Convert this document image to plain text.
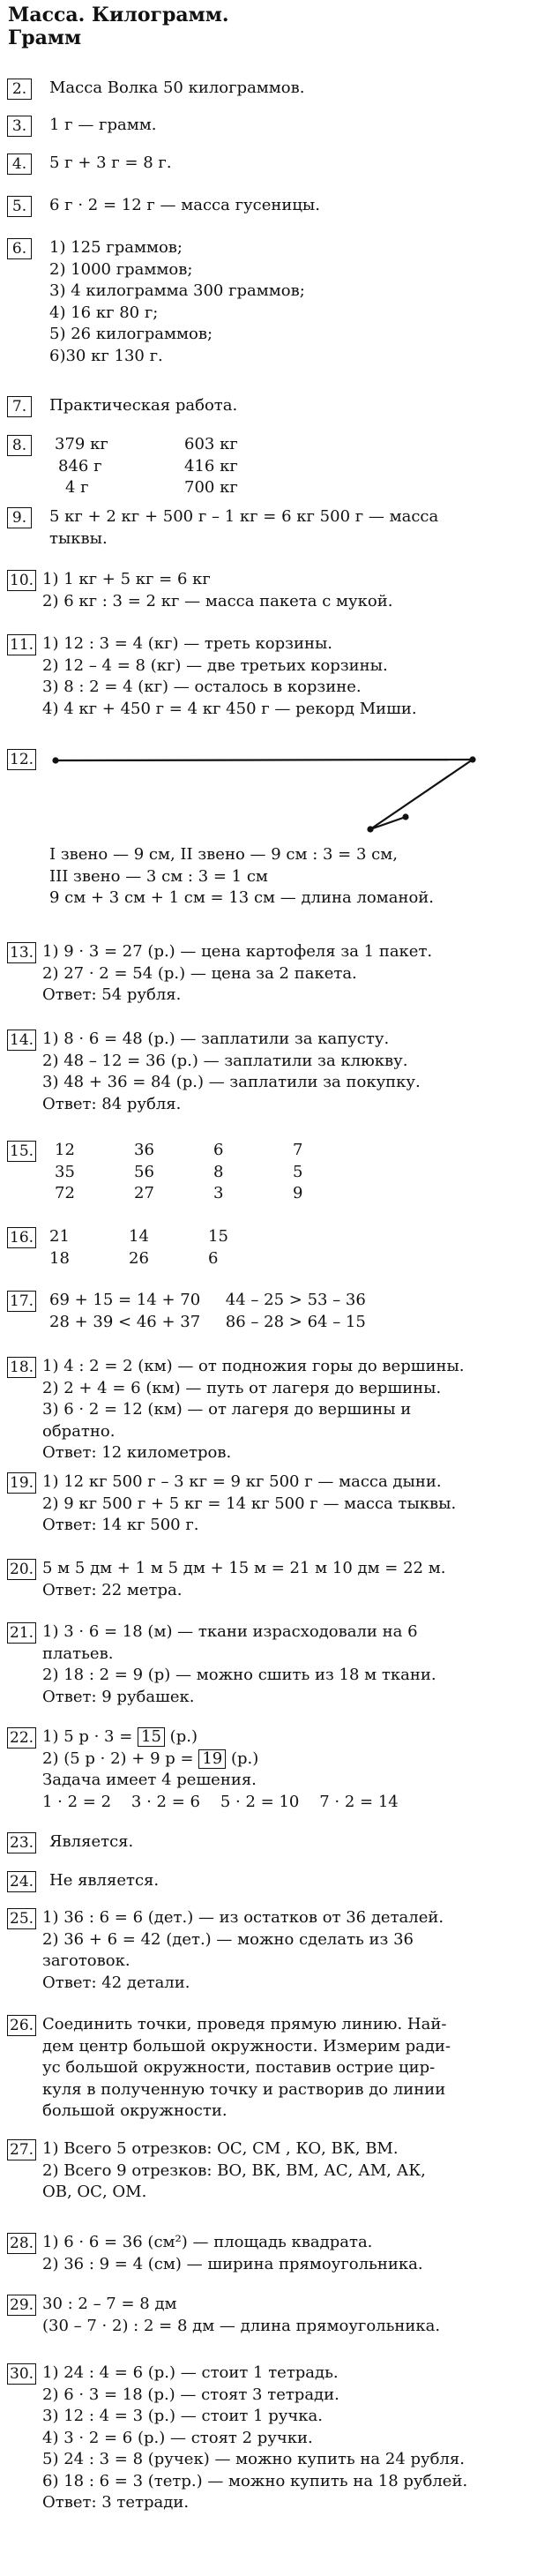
Масса. Килограмм.
Грамм
2.	Масса Волка 50 килограммов.
3.	1 г — грамм.
4.	5 г + 3 г = 8 г.
5.	6 г · 2 = 12 г — масса гусеницы.
6.	1) 125 граммов;
2) 1000 граммов;
3) 4 килограмма 300 граммов;
4) 16 кг 80 г;
5) 26 килограммов;
6)30 кг 130 г.
7.	Практическая работа.
8.	379 кг	603 кг
846 г	416 кг
4 г	700 кг
9.	5 кг + 2 кг + 500 г – 1 кг = 6 кг 500 г — масса
тыквы.
10. 1) 1 кг + 5 кг = 6 кг
2) 6 кг : 3 = 2 кг — масса пакета с мукой.
11. 1) 12 : 3 = 4 (кг) — треть корзины.
2) 12 – 4 = 8 (кг) — две третьих корзины.
3) 8 : 2 = 4 (кг) — осталось в корзине.
4) 4 кг + 450 г = 4 кг 450 г — рекорд Миши.
12.
I звено — 9 см, II звено — 9 см : 3 = 3 см,
III звено — 3 см : 3 = 1 см
9 см + 3 см + 1 см = 13 см — длина ломаной.
13. 1) 9 · 3 = 27 (р.) — цена картофеля за 1 пакет.
2) 27 · 2 = 54 (р.) — цена за 2 пакета.
Ответ: 54 рубля.
14. 1) 8 · 6 = 48 (р.) — заплатили за капусту.
2) 48 – 12 = 36 (р.) — заплатили за клюкву.
3) 48 + 36 = 84 (р.) — заплатили за покупку.
Ответ: 84 рубля.
15. 12	36	6	7
35	56	8	5
72	27	3	9
16. 21	14	15
18	26	6
17. 69 + 15 = 14 + 70     44 – 25 > 53 – 36
28 + 39 < 46 + 37     86 – 28 > 64 – 15
18. 1) 4 : 2 = 2 (км) — от подножия горы до вершины.
2) 2 + 4 = 6 (км) — путь от лагеря до вершины.
3) 6 · 2 = 12 (км) — от лагеря до вершины и
обратно.
Ответ: 12 километров.
19. 1) 12 кг 500 г – 3 кг = 9 кг 500 г — масса дыни.
2) 9 кг 500 г + 5 кг = 14 кг 500 г — масса тыквы.
Ответ: 14 кг 500 г.
20. 5 м 5 дм + 1 м 5 дм + 15 м = 21 м 10 дм = 22 м.
Ответ: 22 метра.
21. 1) 3 · 6 = 18 (м) — ткани израсходовали на 6
платьев.
2) 18 : 2 = 9 (р) — можно сшить из 18 м ткани.
Ответ: 9 рубашек.
22. 1) 5 р · 3 = 15 (р.)
2) (5 р · 2) + 9 р = 19 (р.)
Задача имеет 4 решения.
1 · 2 = 2    3 · 2 = 6    5 · 2 = 10    7 · 2 = 14
23. Является.
24. Не является.
25. 1) 36 : 6 = 6 (дет.) — из остатков от 36 деталей.
2) 36 + 6 = 42 (дет.) — можно сделать из 36
заготовок.
Ответ: 42 детали.
26. Соединить точки, проведя прямую линию. Най-
дем центр большой окружности. Измерим ради-
ус большой окружности, поставив острие цир-
куля в полученную точку и растворив до линии
большой окружности.
27. 1) Всего 5 отрезков: ОС, СМ , КО, ВК, ВМ.
2) Всего 9 отрезков: ВО, ВК, ВМ, АС, АМ, АК,
ОВ, ОС, ОМ.
28. 1) 6 · 6 = 36 (см²) — площадь квадрата.
2) 36 : 9 = 4 (см) — ширина прямоугольника.
29. 30 : 2 – 7 = 8 дм
(30 – 7 · 2) : 2 = 8 дм — длина прямоугольника.
30. 1) 24 : 4 = 6 (р.) — стоит 1 тетрадь.
2) 6 · 3 = 18 (р.) — стоят 3 тетради.
3) 12 : 4 = 3 (р.) — стоит 1 ручка.
4) 3 · 2 = 6 (р.) — стоят 2 ручки.
5) 24 : 3 = 8 (ручек) — можно купить на 24 рубля.
6) 18 : 6 = 3 (тетр.) — можно купить на 18 рублей.
Ответ: 3 тетради.
